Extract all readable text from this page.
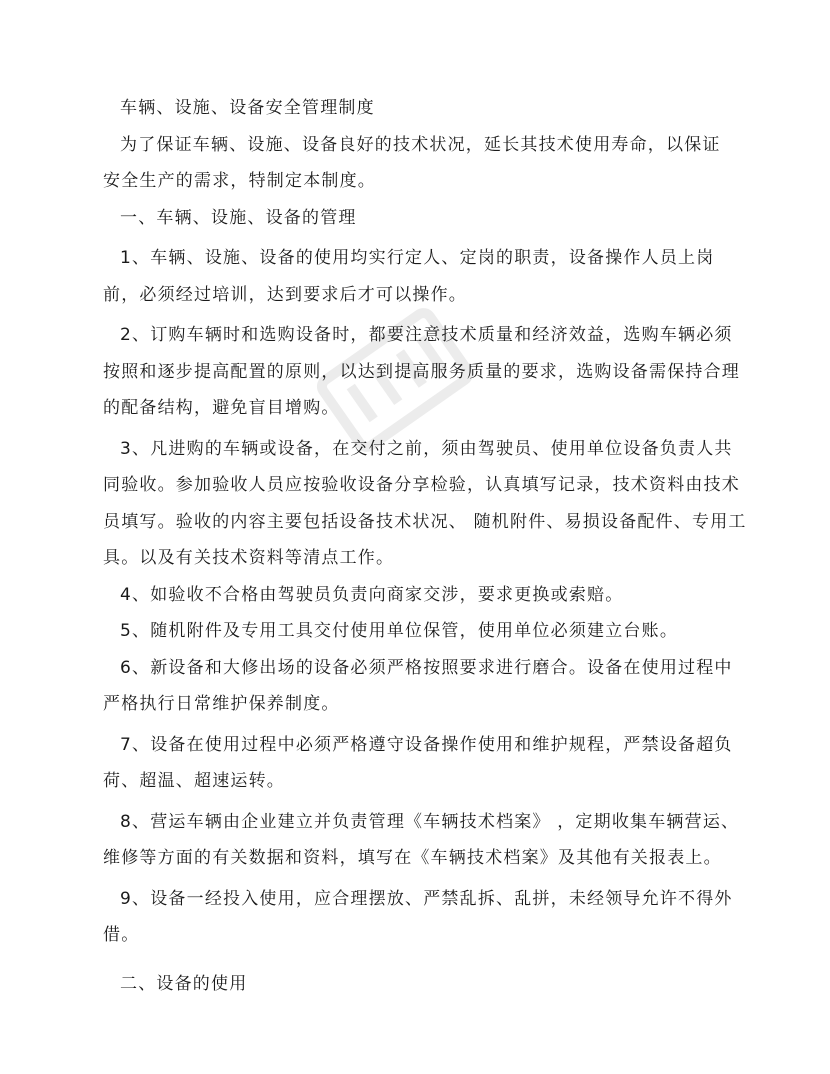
车辆、设施、设备安全管理制度

为了保证车辆、设施、设备良好的技术状况，延长其技术使用寿命，以保证

安全生产的需求，特制定本制度。

一、车辆、设施、设备的管理

1、车辆、设施、设备的使用均实行定人、定岗的职责，设备操作人员上岗

前，必须经过培训，达到要求后才可以操作。

2、订购车辆时和选购设备时，都要注意技术质量和经济效益，选购车辆必须

按照和逐步提高配置的原则，以达到提高服务质量的要求，选购设备需保持合理

的配备结构，避免盲目增购。

3、凡进购的车辆或设备，在交付之前，须由驾驶员、使用单位设备负责人共

同验收。参加验收人员应按验收设备分享检验，认真填写记录，技术资料由技术

员填写。验收的内容主要包括设备技术状况、 随机附件、易损设备配件、专用工

具。以及有关技术资料等清点工作。

4、如验收不合格由驾驶员负责向商家交涉，要求更换或索赔。

5、随机附件及专用工具交付使用单位保管，使用单位必须建立台账。

6、新设备和大修出场的设备必须严格按照要求进行磨合。设备在使用过程中

严格执行日常维护保养制度。

7、设备在使用过程中必须严格遵守设备操作使用和维护规程，严禁设备超负

荷、超温、超速运转。

8、营运车辆由企业建立并负责管理《车辆技术档案》 ，定期收集车辆营运、

维修等方面的有关数据和资料，填写在《车辆技术档案》及其他有关报表上。

9、设备一经投入使用，应合理摆放、严禁乱拆、乱拼，未经领导允许不得外

借。

二、设备的使用
